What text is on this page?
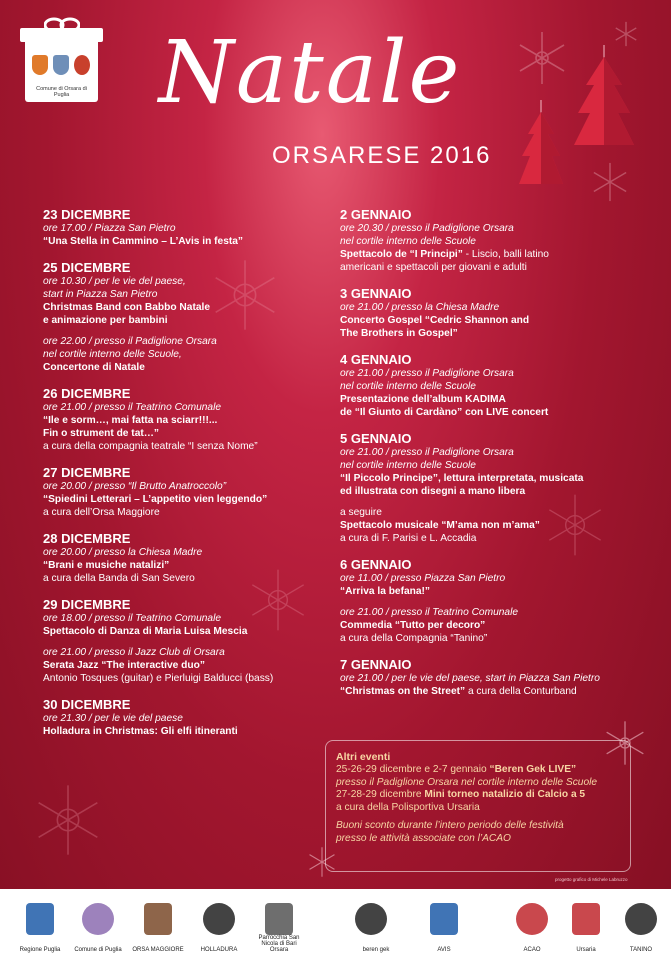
Comune di Orsara di Puglia Natale
ORSARESE 2016
23 DICEMBRE
ore 17.00 / Piazza San Pietro
“Una Stella in Cammino – L’Avis in festa”
25 DICEMBRE
ore 10.30 / per le vie del paese,
start in Piazza San Pietro
Christmas Band con Babbo Natale
e animazione per bambini
ore 22.00 / presso il Padiglione Orsara
nel cortile interno delle Scuole,
Concertone di Natale
26 DICEMBRE
ore 21.00 / presso il Teatrino Comunale
“Ile e sorm…, mai fatta na sciarr!!!...
Fin o strument de tat…”
a cura della compagnia teatrale “I senza Nome”
27 DICEMBRE
ore 20.00 / presso “Il Brutto Anatroccolo”
“Spiedini Letterari – L’appetito vien leggendo”
a cura dell’Orsa Maggiore
28 DICEMBRE
ore 20.00 / presso la Chiesa Madre
“Brani e musiche natalizi”
a cura della Banda di San Severo
29 DICEMBRE
ore 18.00 / presso il Teatrino Comunale
Spettacolo di Danza di Maria Luisa Mescia
ore 21.00 / presso il Jazz Club di Orsara
Serata Jazz “The interactive duo”
Antonio Tosques (guitar) e Pierluigi Balducci (bass)
30 DICEMBRE
ore 21.30 / per le vie del paese
Holladura in Christmas: Gli elfi itineranti
2 GENNAIO
ore 20.30 / presso il Padiglione Orsara
nel cortile interno delle Scuole
Spettacolo de “I Principi” - Liscio, balli latino
americani e spettacoli per giovani e adulti
3 GENNAIO
ore 21.00 / presso la Chiesa Madre
Concerto Gospel “Cedric Shannon and
The Brothers in Gospel”
4 GENNAIO
ore 21.00 / presso il Padiglione Orsara
nel cortile interno delle Scuole
Presentazione dell’album KADIMA
de “Il Giunto di Cardàno” con LIVE concert
5 GENNAIO
ore 21.00 / presso il Padiglione Orsara
nel cortile interno delle Scuole
“Il Piccolo Principe”, lettura interpretata, musicata
ed illustrata con disegni a mano libera
a seguire
Spettacolo musicale “M’ama non m’ama”
a cura di F. Parisi e L. Accadia
6 GENNAIO
ore 11.00 / presso Piazza San Pietro
“Arriva la befana!”
ore 21.00 / presso il Teatrino Comunale
Commedia “Tutto per decoro”
a cura della Compagnia “Tanino”
7 GENNAIO
ore 21.00 / per le vie del paese, start in Piazza San Pietro
“Christmas on the Street” a cura della Conturband
Altri eventi
25-26-29 dicembre e 2-7 gennaio “Beren Gek LIVE”
presso il Padiglione Orsara nel cortile interno delle Scuole
27-28-29 dicembre Mini torneo natalizio di Calcio a 5
a cura della Polisportiva Ursaria
Buoni sconto durante l’intero periodo delle festività
presso le attività associate con l’ACAO
progetto grafico di Michele Labruzzo
Regione Puglia	Comune di Puglia	ORSA MAGGIORE	HOLLADURA
Parrocchia San Nicola di Bari Orsara	beren gek	AVIS	ACAO	Ursaria	TANINO
